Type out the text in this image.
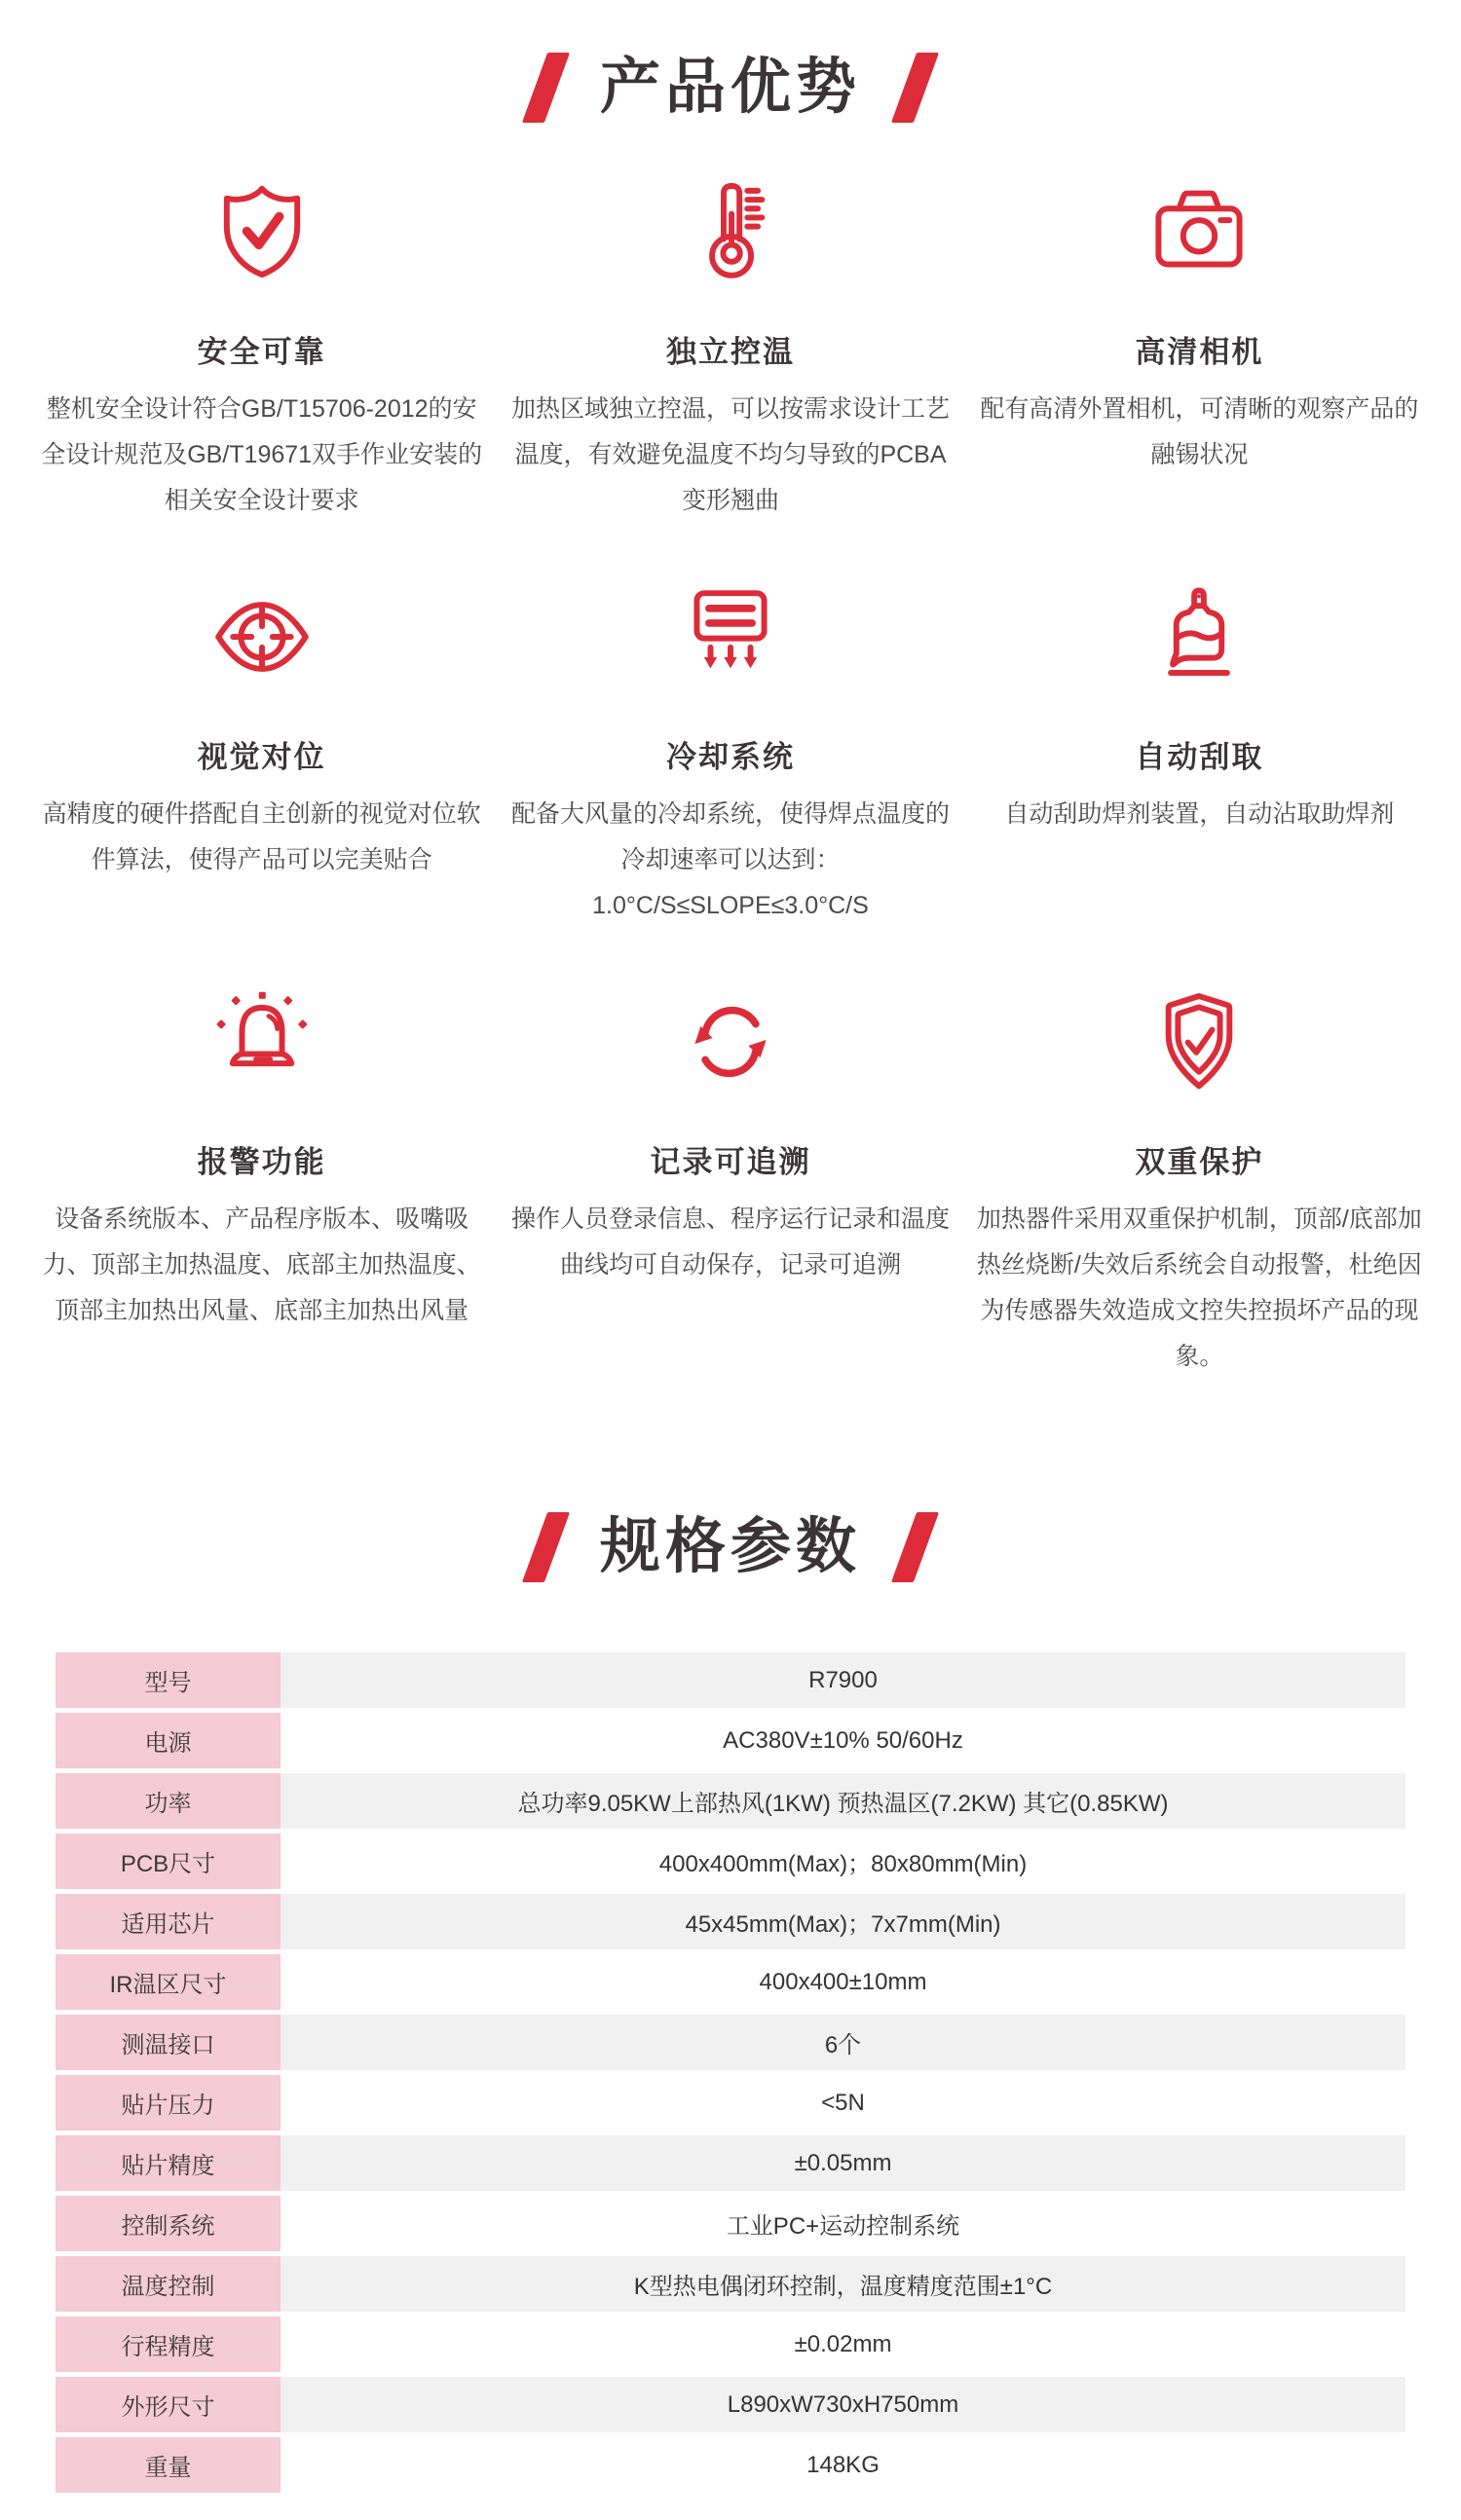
产品优势
安全可靠
整机安全设计符合GB/T15706-2012的安全设计规范及GB/T19671双手作业安装的相关安全设计要求
独立控温
加热区域独立控温，可以按需求设计工艺温度，有效避免温度不均匀导致的PCBA变形翘曲
高清相机
配有高清外置相机，可清晰的观察产品的融锡状况
视觉对位
高精度的硬件搭配自主创新的视觉对位软件算法，使得产品可以完美贴合
冷却系统
配备大风量的冷却系统，使得焊点温度的冷却速率可以达到：1.0°C/S≤SLOPE≤3.0°C/S
自动刮取
自动刮助焊剂装置，自动沾取助焊剂
报警功能
设备系统版本、产品程序版本、吸嘴吸力、顶部主加热温度、底部主加热温度、顶部主加热出风量、底部主加热出风量
记录可追溯
操作人员登录信息、程序运行记录和温度曲线均可自动保存，记录可追溯
双重保护
加热器件采用双重保护机制，顶部/底部加热丝烧断/失效后系统会自动报警，杜绝因为传感器失效造成文控失控损坏产品的现象。
规格参数
型号	R7900
电源	AC380V±10% 50/60Hz
功率	总功率9.05KW上部热风(1KW) 预热温区(7.2KW) 其它(0.85KW)
PCB尺寸	400x400mm(Max)；80x80mm(Min)
适用芯片	45x45mm(Max)；7x7mm(Min)
IR温区尺寸	400x400±10mm
测温接口	6个
贴片压力	<5N
贴片精度	±0.05mm
控制系统	工业PC+运动控制系统
温度控制	K型热电偶闭环控制，温度精度范围±1°C
行程精度	±0.02mm
外形尺寸	L890xW730xH750mm
重量	148KG
